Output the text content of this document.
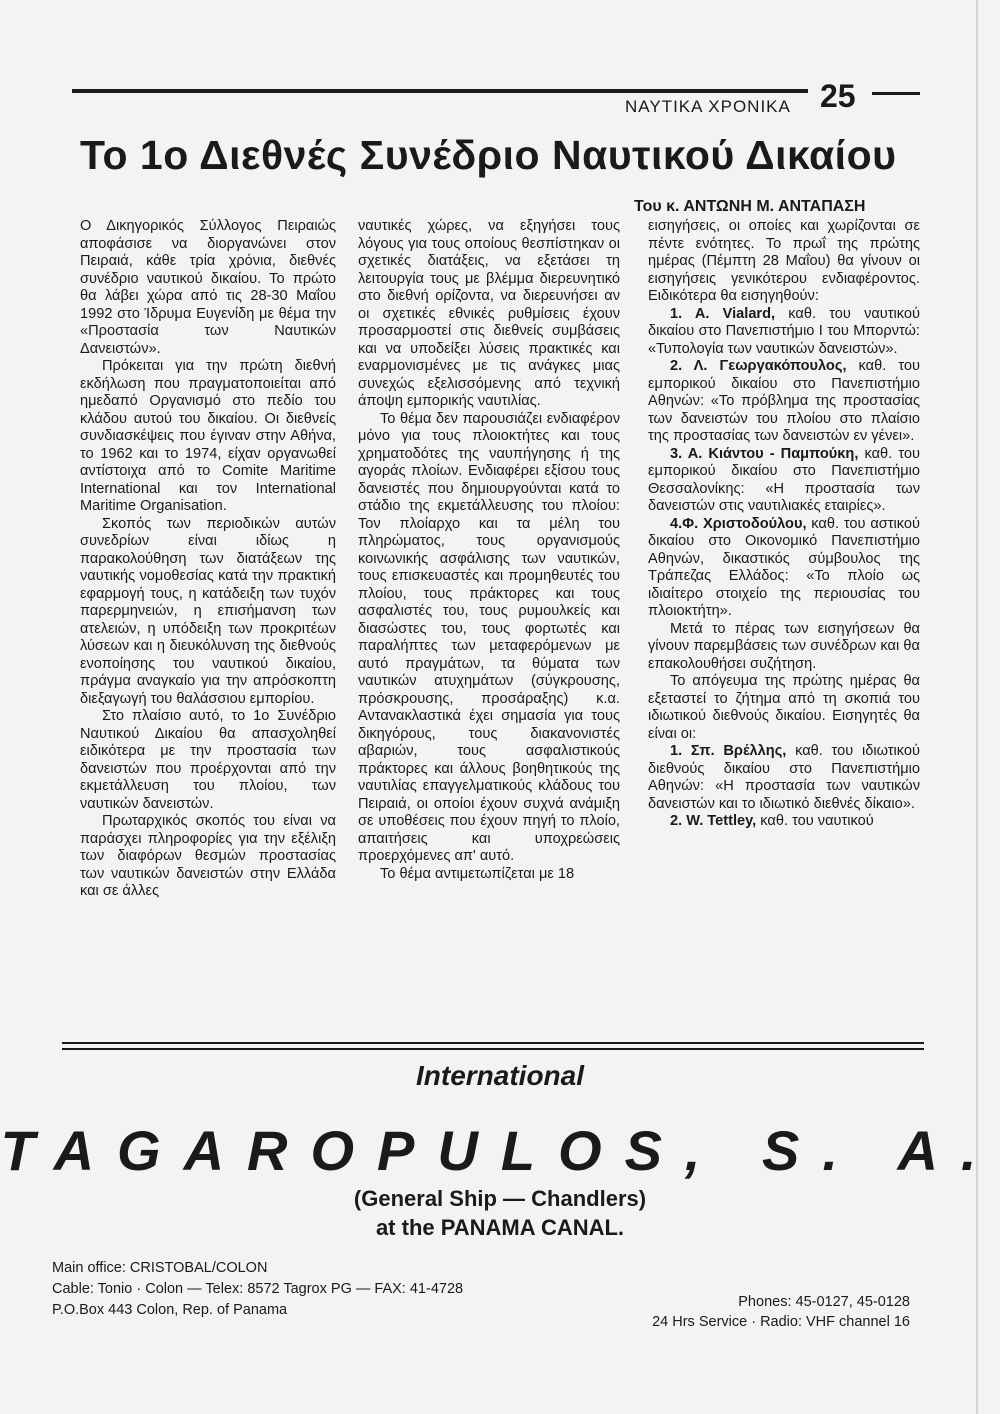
ΝΑΥΤΙΚΑ ΧΡΟΝΙΚΑ 25
Το 1ο Διεθνές Συνέδριο Ναυτικού Δικαίου
Του κ. ΑΝΤΩΝΗ Μ. ΑΝΤΑΠΑΣΗ

Ο Δικηγορικός Σύλλογος Πειραιώς αποφάσισε να διοργανώνει στον Πειραιά, κάθε τρία χρόνια, διεθνές συνέδριο ναυτικού δικαίου. Το πρώτο θα λάβει χώρα από τις 28-30 Μαΐου 1992 στο Ίδρυμα Ευγενίδη με θέμα την «Προστασία των Ναυτικών Δανειστών».

Πρόκειται για την πρώτη διεθνή εκδήλωση που πραγματοποιείται από ημεδαπό Οργανισμό στο πεδίο του κλάδου αυτού του δικαίου. Οι διεθνείς συνδιασκέψεις που έγιναν στην Αθήνα, το 1962 και το 1974, είχαν οργανωθεί αντίστοιχα από το Comite Maritime International και τον International Maritime Organisation.

Σκοπός των περιοδικών αυτών συνεδρίων είναι ιδίως η παρακολούθηση των διατάξεων της ναυτικής νομοθεσίας κατά την πρακτική εφαρμογή τους, η κατάδειξη των τυχόν παρερμηνειών, η επισήμανση των ατελειών, η υπόδειξη των προκριτέων λύσεων και η διευκόλυνση της διεθνούς ενοποίησης του ναυτικού δικαίου, πράγμα αναγκαίο για την απρόσκοπτη διεξαγωγή του θαλάσσιου εμπορίου.

Στο πλαίσιο αυτό, το 1ο Συνέδριο Ναυτικού Δικαίου θα απασχοληθεί ειδικότερα με την προστασία των δανειστών που προέρχονται από την εκμετάλλευση του πλοίου, των ναυτικών δανειστών.

Πρωταρχικός σκοπός του είναι να παράσχει πληροφορίες για την εξέλιξη των διαφόρων θεσμών προστασίας των ναυτικών δανειστών στην Ελλάδα και σε άλλες

ναυτικές χώρες, να εξηγήσει τους λόγους για τους οποίους θεσπίστηκαν οι σχετικές διατάξεις, να εξετάσει τη λειτουργία τους με βλέμμα διερευνητικό στο διεθνή ορίζοντα, να διερευνήσει αν οι σχετικές εθνικές ρυθμίσεις έχουν προσαρμοστεί στις διεθνείς συμβάσεις και να υποδείξει λύσεις πρακτικές και εναρμονισμένες με τις ανάγκες μιας συνεχώς εξελισσόμενης από τεχνική άποψη εμπορικής ναυτιλίας.

Το θέμα δεν παρουσιάζει ενδιαφέρον μόνο για τους πλοιοκτήτες και τους χρηματοδότες της ναυπήγησης ή της αγοράς πλοίων. Ενδιαφέρει εξίσου τους δανειστές που δημιουργούνται κατά το στάδιο της εκμετάλλευσης του πλοίου: Τον πλοίαρχο και τα μέλη του πληρώματος, τους οργανισμούς κοινωνικής ασφάλισης των ναυτικών, τους επισκευαστές και προμηθευτές του πλοίου, τους πράκτορες και τους ασφαλιστές του, τους ρυμουλκείς και διασώστες του, τους φορτωτές και παραλήπτες των μεταφερόμενων με αυτό πραγμάτων, τα θύματα των ναυτικών ατυχημάτων (σύγκρουσης, πρόσκρουσης, προσάραξης) κ.α. Αντανακλαστικά έχει σημασία για τους δικηγόρους, τους διακανονιστές αβαριών, τους ασφαλιστικούς πράκτορες και άλλους βοηθητικούς της ναυτιλίας επαγγελματικούς κλάδους του Πειραιά, οι οποίοι έχουν συχνά ανάμιξη σε υποθέσεις που έχουν πηγή το πλοίο, απαιτήσεις και υποχρεώσεις προερχόμενες απ' αυτό.

Το θέμα αντιμετωπίζεται με 18

εισηγήσεις, οι οποίες και χωρίζονται σε πέντε ενότητες. Το πρωΐ της πρώτης ημέρας (Πέμπτη 28 Μαΐου) θα γίνουν οι εισηγήσεις γενικότερου ενδιαφέροντος. Ειδικότερα θα εισηγηθούν:

1. A. Vialard, καθ. του ναυτικού δικαίου στο Πανεπιστήμιο I του Μπορντώ: «Τυπολογία των ναυτικών δανειστών».

2. Λ. Γεωργακόπουλος, καθ. του εμπορικού δικαίου στο Πανεπιστήμιο Αθηνών: «Το πρόβλημα της προστασίας των δανειστών του πλοίου στο πλαίσιο της προστασίας των δανειστών εν γένει».

3. Α. Κιάντου - Παμπούκη, καθ. του εμπορικού δικαίου στο Πανεπιστήμιο Θεσσαλονίκης: «Η προστασία των δανειστών στις ναυτιλιακές εταιρίες».

4.Φ. Χριστοδούλου, καθ. του αστικού δικαίου στο Οικονομικό Πανεπιστήμιο Αθηνών, δικαστικός σύμβουλος της Τράπεζας Ελλάδος: «Το πλοίο ως ιδιαίτερο στοιχείο της περιουσίας του πλοιοκτήτη».

Μετά το πέρας των εισηγήσεων θα γίνουν παρεμβάσεις των συνέδρων και θα επακολουθήσει συζήτηση.

Το απόγευμα της πρώτης ημέρας θα εξεταστεί το ζήτημα από τη σκοπιά του ιδιωτικού διεθνούς δικαίου. Εισηγητές θα είναι οι:

1. Σπ. Βρέλλης, καθ. του ιδιωτικού διεθνούς δικαίου στο Πανεπιστήμιο Αθηνών: «Η προστασία των ναυτικών δανειστών και το ιδιωτικό διεθνές δίκαιο».

2. W. Tettley, καθ. του ναυτικού

International
TAGAROPULOS, S. A.
(General Ship — Chandlers)
at the PANAMA CANAL.
Main office: CRISTOBAL/COLON
Cable: Tonio · Colon — Telex: 8572 Tagrox PG — FAX: 41-4728
P.O.Box 443 Colon, Rep. of Panama	Phones: 45-0127, 45-0128
24 Hrs Service · Radio: VHF channel 16
